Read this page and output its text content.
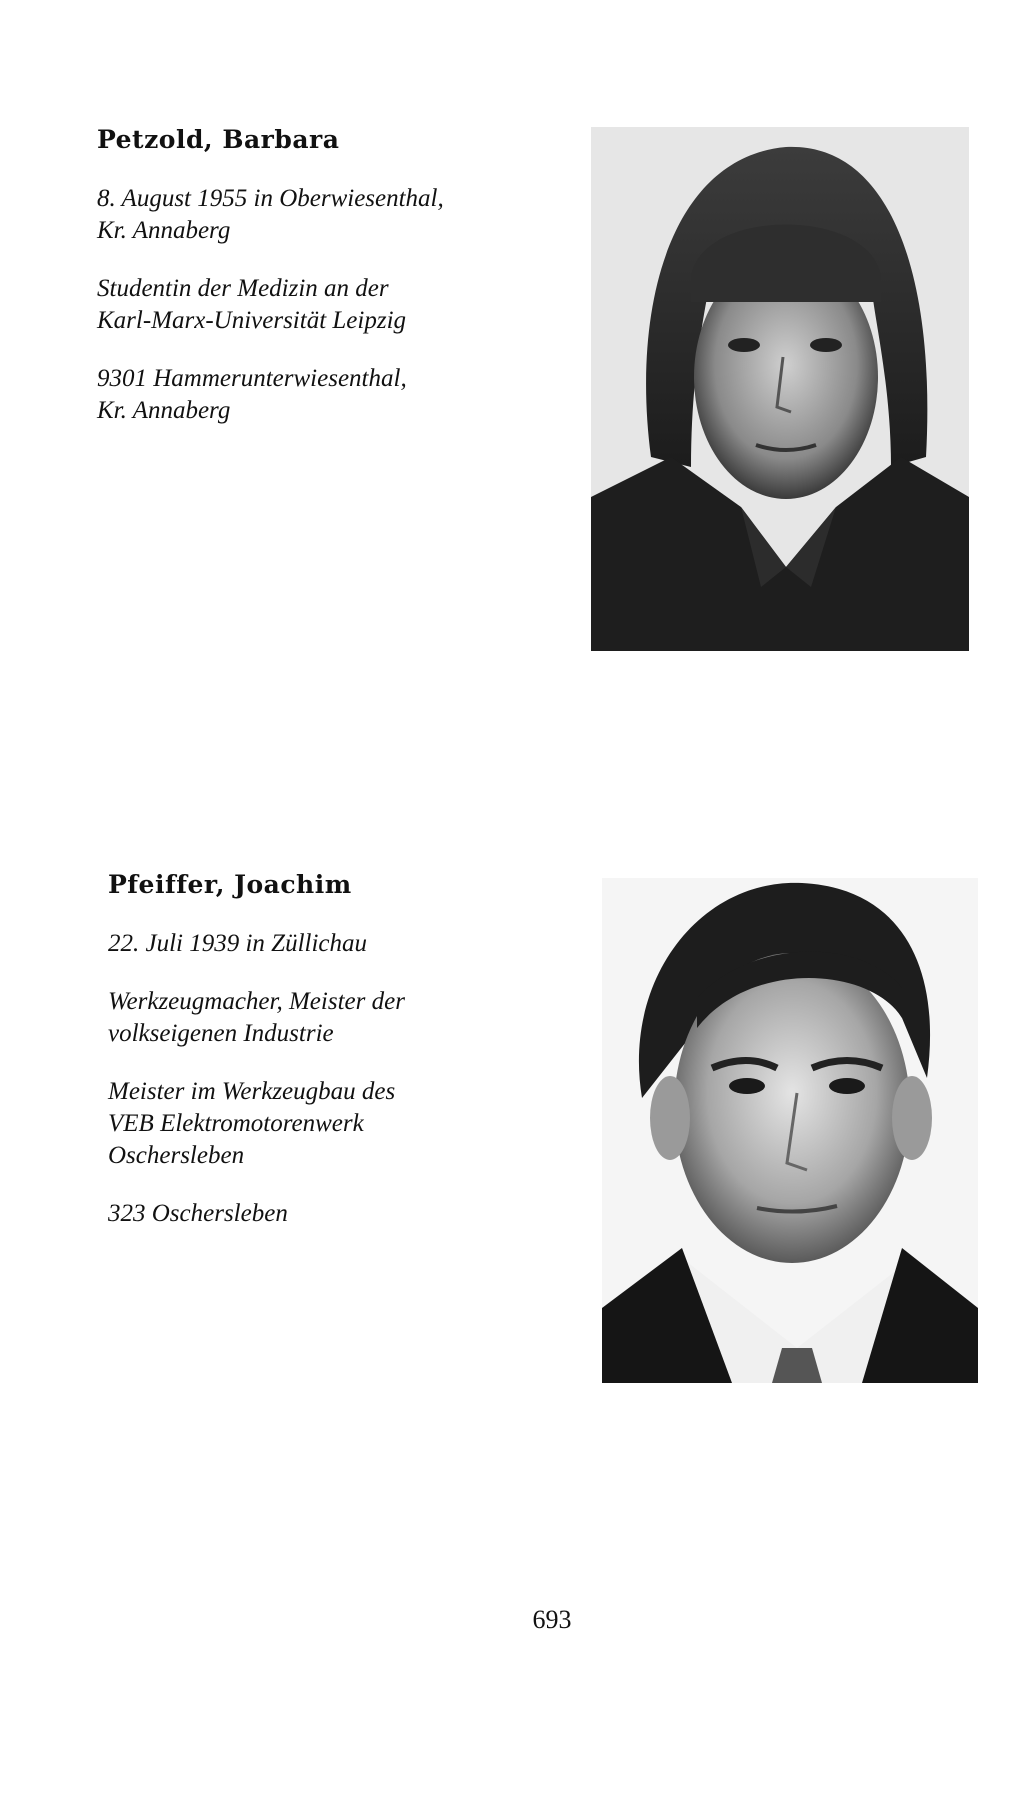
Petzold, Barbara

8. August 1955 in Oberwiesenthal,

Kr. Annaberg

Studentin der Medizin an der

Karl-Marx-Universität Leipzig

9301 Hammerunterwiesenthal,

Kr. Annaberg

Pfeiffer, Joachim

22. Juli 1939 in Züllichau

Werkzeugmacher, Meister der

volkseigenen Industrie

Meister im Werkzeugbau des

VEB Elektromotorenwerk

Oschersleben

323 Oschersleben

693
